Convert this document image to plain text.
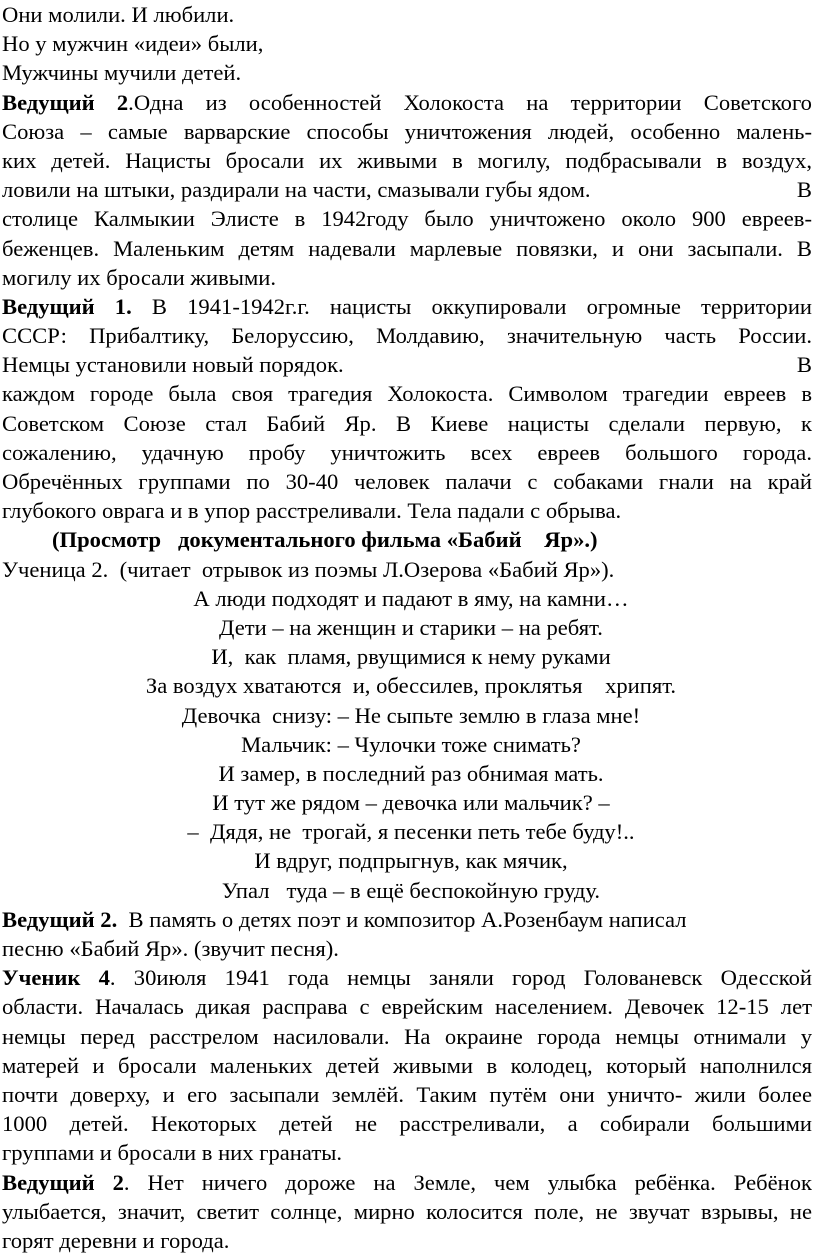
Они молили. И любили.
Но у мужчин «идеи» были,
Мужчины мучили детей.
Ведущий 2.Одна из особенностей Холокоста на территории Советского
Союза – самые варварские способы уничтожения людей, особенно малень-
ких детей. Нацисты бросали их живыми в могилу, подбрасывали в воздух,
ловили на штыки, раздирали на части, смазывали губы ядом.	В
столице Калмыкии Элисте в 1942году было уничтожено около 900 евреев-
беженцев. Маленьким детям надевали марлевые повязки, и они засыпали. В
могилу их бросали живыми.
Ведущий 1. В 1941-1942г.г. нацисты оккупировали огромные территории
СССР: Прибалтику, Белоруссию, Молдавию, значительную часть России.
Немцы установили новый порядок.	В
каждом городе была своя трагедия Холокоста. Символом трагедии евреев в
Советском Союзе стал Бабий Яр. В Киеве нацисты сделали первую, к
сожалению, удачную пробу уничтожить всех евреев большого города.
Обречённых группами по 30-40 человек палачи с собаками гнали на край
глубокого оврага и в упор расстреливали. Тела падали с обрыва.
(Просмотр   документального фильма «Бабий    Яр».)
Ученица 2.  (читает  отрывок из поэмы Л.Озерова «Бабий Яр»).
А люди подходят и падают в яму, на камни…
Дети – на женщин и старики – на ребят.
И,  как  пламя, рвущимися к нему руками
За воздух хватаются  и, обессилев, проклятья    хрипят.
Девочка  снизу: – Не сыпьте землю в глаза мне!
Мальчик: – Чулочки тоже снимать?
И замер, в последний раз обнимая мать.
И тут же рядом – девочка или мальчик? –
–  Дядя, не  трогай, я песенки петь тебе буду!..
И вдруг, подпрыгнув, как мячик,
Упал   туда – в ещё беспокойную груду.
Ведущий 2.  В память о детях поэт и композитор А.Розенбаум написал
песню «Бабий Яр». (звучит песня).
Ученик 4. 30июля 1941 года немцы заняли город Голованевск Одесской
области. Началась дикая расправа с еврейским населением. Девочек 12-15 лет
немцы перед расстрелом насиловали. На окраине города немцы отнимали у
матерей и бросали маленьких детей живыми в колодец, который наполнился
почти доверху, и его засыпали землёй. Таким путём они уничто- жили более
1000 детей. Некоторых детей не расстреливали, а собирали большими
группами и бросали в них гранаты.
Ведущий 2. Нет ничего дороже на Земле, чем улыбка ребёнка. Ребёнок
улыбается, значит, светит солнце, мирно колосится поле, не звучат взрывы, не
горят деревни и города.
